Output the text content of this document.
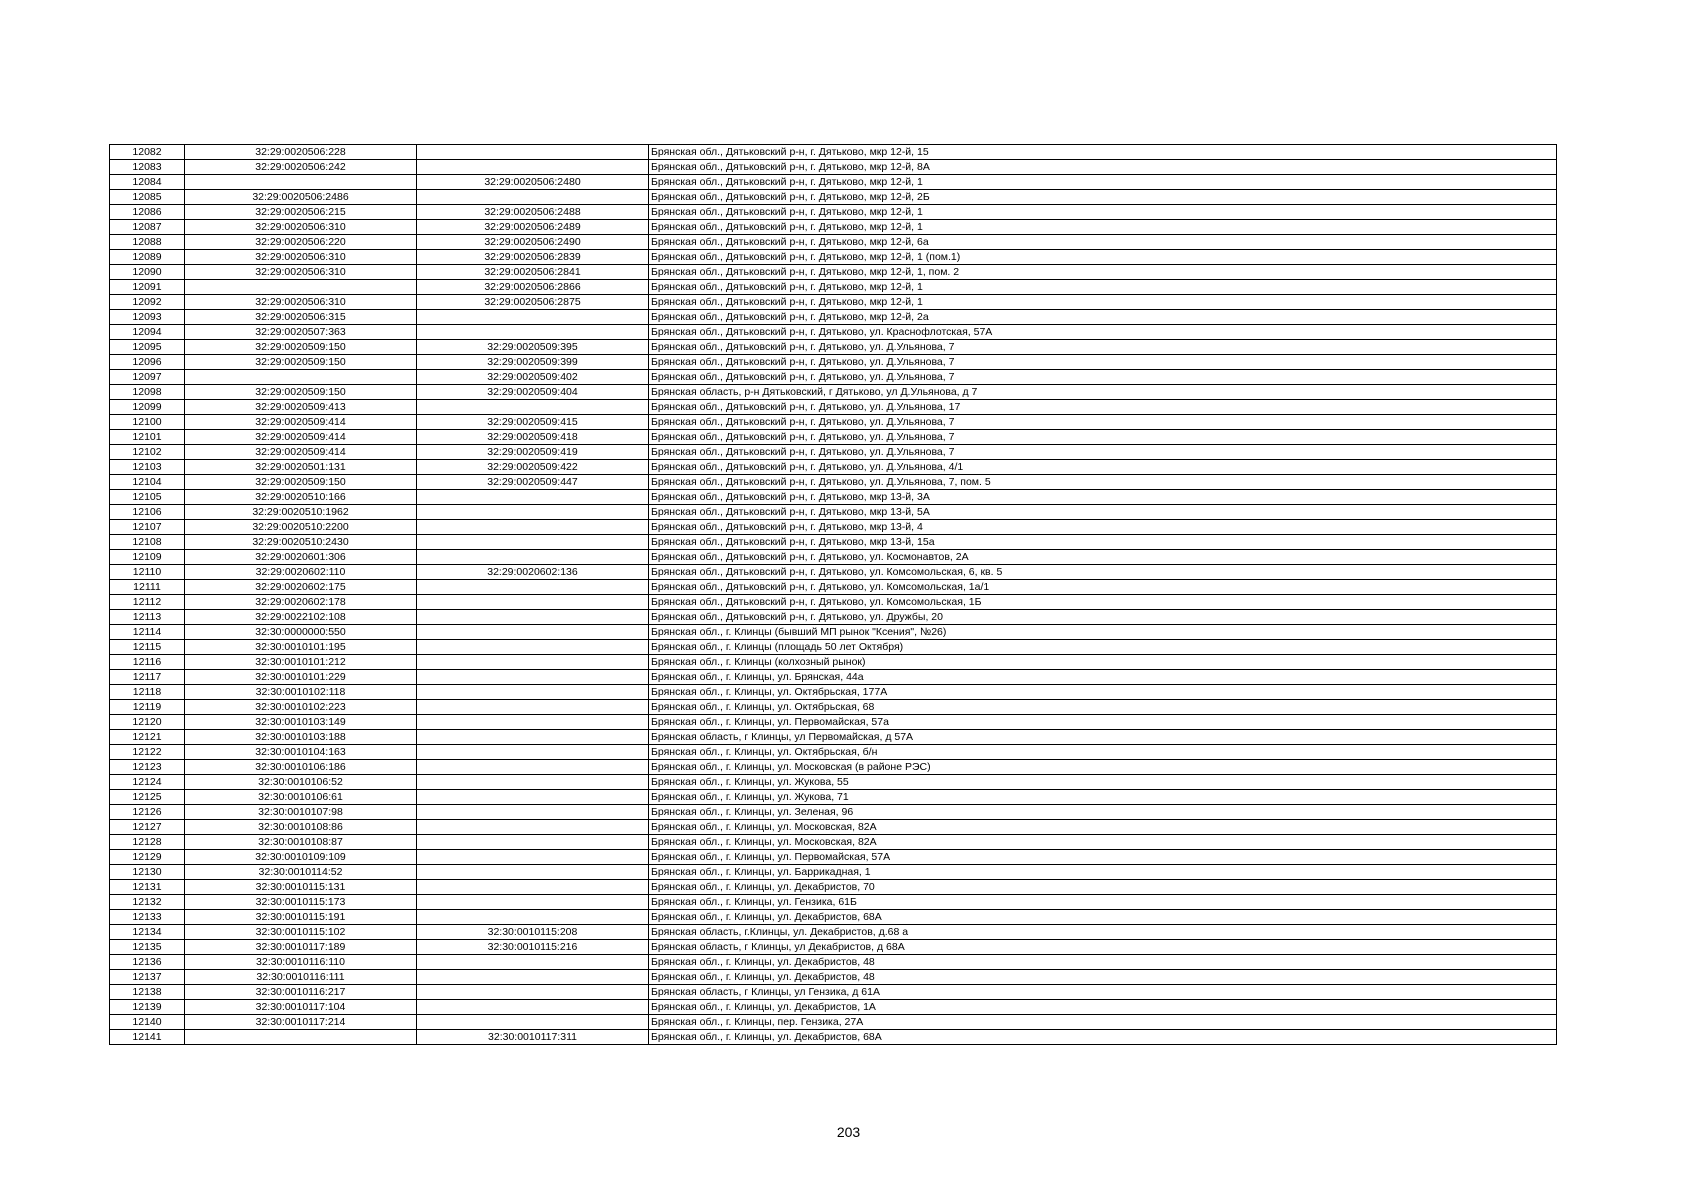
12082	32:29:0020506:228		Брянская обл., Дятьковский р-н, г. Дятьково, мкр 12-й, 15
12083	32:29:0020506:242		Брянская обл., Дятьковский р-н, г. Дятьково, мкр 12-й, 8А
12084		32:29:0020506:2480	Брянская обл., Дятьковский р-н, г. Дятьково, мкр 12-й, 1
12085	32:29:0020506:2486		Брянская обл., Дятьковский р-н, г. Дятьково, мкр 12-й, 2Б
12086	32:29:0020506:215	32:29:0020506:2488	Брянская обл., Дятьковский р-н, г. Дятьково, мкр 12-й, 1
12087	32:29:0020506:310	32:29:0020506:2489	Брянская обл., Дятьковский р-н, г. Дятьково, мкр 12-й, 1
12088	32:29:0020506:220	32:29:0020506:2490	Брянская обл., Дятьковский р-н, г. Дятьково, мкр 12-й, 6а
12089	32:29:0020506:310	32:29:0020506:2839	Брянская обл., Дятьковский р-н, г. Дятьково, мкр 12-й, 1 (пом.1)
12090	32:29:0020506:310	32:29:0020506:2841	Брянская обл., Дятьковский р-н, г. Дятьково, мкр 12-й, 1, пом. 2
12091		32:29:0020506:2866	Брянская обл., Дятьковский р-н, г. Дятьково, мкр 12-й, 1
12092	32:29:0020506:310	32:29:0020506:2875	Брянская обл., Дятьковский р-н, г. Дятьково, мкр 12-й, 1
12093	32:29:0020506:315		Брянская обл., Дятьковский р-н, г. Дятьково, мкр 12-й, 2а
12094	32:29:0020507:363		Брянская обл., Дятьковский р-н, г. Дятьково, ул. Краснофлотская, 57А
12095	32:29:0020509:150	32:29:0020509:395	Брянская обл., Дятьковский р-н, г. Дятьково, ул. Д.Ульянова, 7
12096	32:29:0020509:150	32:29:0020509:399	Брянская обл., Дятьковский р-н, г. Дятьково, ул. Д.Ульянова, 7
12097		32:29:0020509:402	Брянская обл., Дятьковский р-н, г. Дятьково, ул. Д.Ульянова, 7
12098	32:29:0020509:150	32:29:0020509:404	Брянская область, р-н Дятьковский, г Дятьково, ул Д.Ульянова, д 7
12099	32:29:0020509:413		Брянская обл., Дятьковский р-н, г. Дятьково, ул. Д.Ульянова, 17
12100	32:29:0020509:414	32:29:0020509:415	Брянская обл., Дятьковский р-н, г. Дятьково, ул. Д.Ульянова, 7
12101	32:29:0020509:414	32:29:0020509:418	Брянская обл., Дятьковский р-н, г. Дятьково, ул. Д.Ульянова, 7
12102	32:29:0020509:414	32:29:0020509:419	Брянская обл., Дятьковский р-н, г. Дятьково, ул. Д.Ульянова, 7
12103	32:29:0020501:131	32:29:0020509:422	Брянская обл., Дятьковский р-н, г. Дятьково, ул. Д.Ульянова, 4/1
12104	32:29:0020509:150	32:29:0020509:447	Брянская обл., Дятьковский р-н, г. Дятьково, ул. Д.Ульянова, 7, пом. 5
12105	32:29:0020510:166		Брянская обл., Дятьковский р-н, г. Дятьково, мкр 13-й, 3А
12106	32:29:0020510:1962		Брянская обл., Дятьковский р-н, г. Дятьково, мкр 13-й, 5А
12107	32:29:0020510:2200		Брянская обл., Дятьковский р-н, г. Дятьково, мкр 13-й, 4
12108	32:29:0020510:2430		Брянская обл., Дятьковский р-н, г. Дятьково, мкр 13-й, 15а
12109	32:29:0020601:306		Брянская обл., Дятьковский р-н, г. Дятьково, ул. Космонавтов, 2А
12110	32:29:0020602:110	32:29:0020602:136	Брянская обл., Дятьковский р-н, г. Дятьково, ул. Комсомольская, 6, кв. 5
12111	32:29:0020602:175		Брянская обл., Дятьковский р-н, г. Дятьково, ул. Комсомольская, 1а/1
12112	32:29:0020602:178		Брянская обл., Дятьковский р-н, г. Дятьково, ул. Комсомольская, 1Б
12113	32:29:0022102:108		Брянская обл., Дятьковский р-н, г. Дятьково, ул. Дружбы, 20
12114	32:30:0000000:550		Брянская обл., г. Клинцы (бывший МП рынок "Ксения", №26)
12115	32:30:0010101:195		Брянская обл., г. Клинцы (площадь 50 лет Октября)
12116	32:30:0010101:212		Брянская обл., г. Клинцы (колхозный рынок)
12117	32:30:0010101:229		Брянская обл., г. Клинцы, ул. Брянская, 44а
12118	32:30:0010102:118		Брянская обл., г. Клинцы, ул. Октябрьская, 177А
12119	32:30:0010102:223		Брянская обл., г. Клинцы, ул. Октябрьская, 68
12120	32:30:0010103:149		Брянская обл., г. Клинцы, ул. Первомайская, 57а
12121	32:30:0010103:188		Брянская область, г Клинцы, ул Первомайская, д 57А
12122	32:30:0010104:163		Брянская обл., г. Клинцы, ул. Октябрьская, б/н
12123	32:30:0010106:186		Брянская обл., г. Клинцы, ул. Московская (в районе РЭС)
12124	32:30:0010106:52		Брянская обл., г. Клинцы, ул. Жукова, 55
12125	32:30:0010106:61		Брянская обл., г. Клинцы, ул. Жукова, 71
12126	32:30:0010107:98		Брянская обл., г. Клинцы, ул. Зеленая, 96
12127	32:30:0010108:86		Брянская обл., г. Клинцы, ул. Московская, 82А
12128	32:30:0010108:87		Брянская обл., г. Клинцы, ул. Московская, 82А
12129	32:30:0010109:109		Брянская обл., г. Клинцы, ул. Первомайская, 57А
12130	32:30:0010114:52		Брянская обл., г. Клинцы, ул. Баррикадная, 1
12131	32:30:0010115:131		Брянская обл., г. Клинцы, ул. Декабристов, 70
12132	32:30:0010115:173		Брянская обл., г. Клинцы, ул. Гензика, 61Б
12133	32:30:0010115:191		Брянская обл., г. Клинцы, ул. Декабристов, 68А
12134	32:30:0010115:102	32:30:0010115:208	Брянская область, г.Клинцы, ул. Декабристов, д.68 а
12135	32:30:0010117:189	32:30:0010115:216	Брянская область, г Клинцы, ул Декабристов, д 68А
12136	32:30:0010116:110		Брянская обл., г. Клинцы, ул. Декабристов, 48
12137	32:30:0010116:111		Брянская обл., г. Клинцы, ул. Декабристов, 48
12138	32:30:0010116:217		Брянская область, г Клинцы, ул Гензика, д 61А
12139	32:30:0010117:104		Брянская обл., г. Клинцы, ул. Декабристов, 1А
12140	32:30:0010117:214		Брянская обл., г. Клинцы, пер. Гензика, 27А
12141		32:30:0010117:311	Брянская обл., г. Клинцы, ул. Декабристов, 68А
203
